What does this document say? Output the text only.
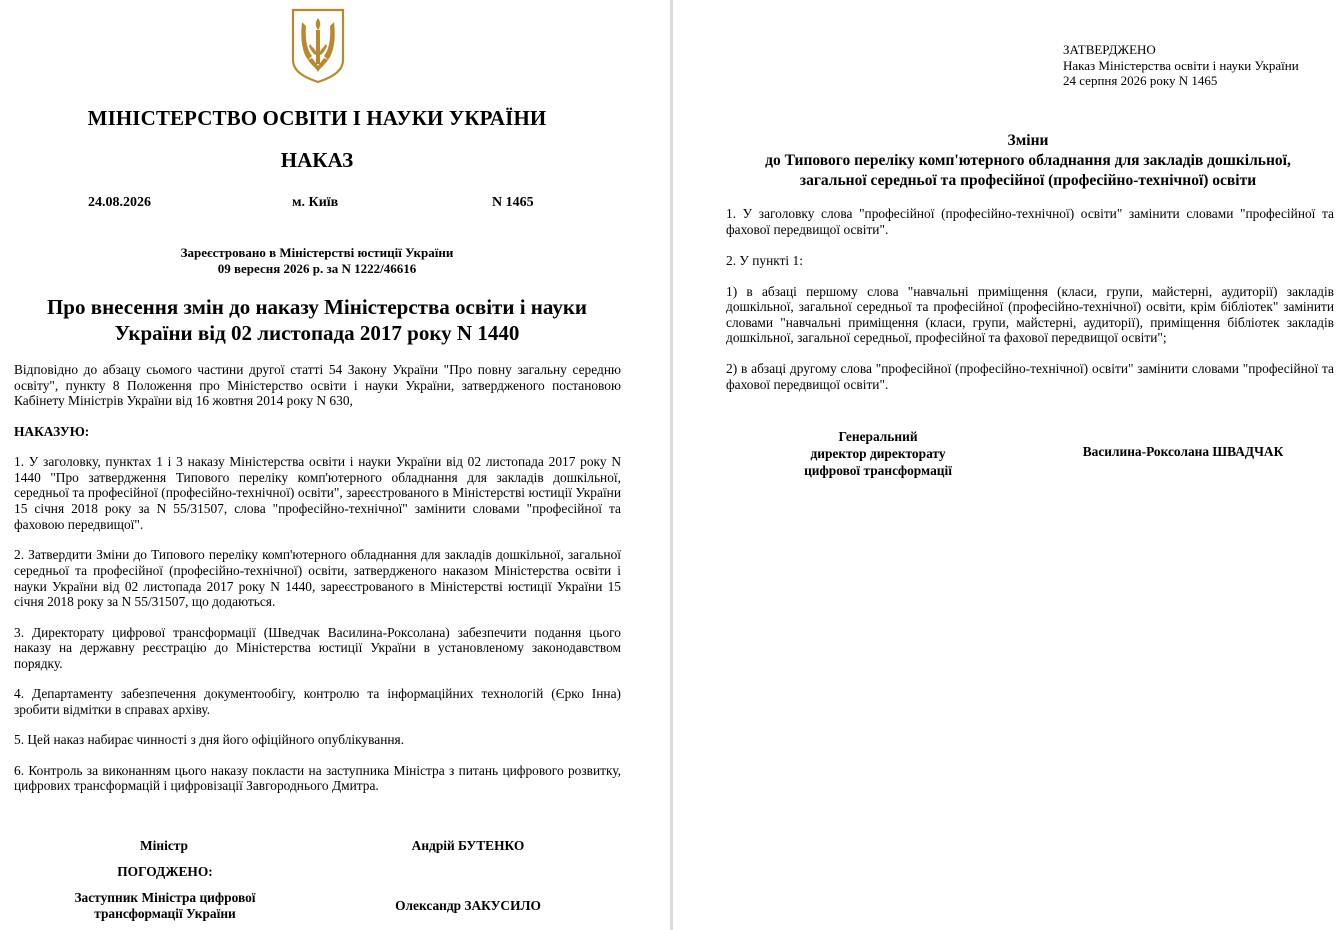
МІНІСТЕРСТВО ОСВІТИ І НАУКИ УКРАЇНИ
НАКАЗ
24.08.2026	м. Київ	N 1465
Зареєстровано в Міністерстві юстиції України
09 вересня 2026 р. за N 1222/46616
Про внесення змін до наказу Міністерства освіти і науки
України від 02 листопада 2017 року N 1440

Відповідно до абзацу сьомого частини другої статті 54 Закону України "Про повну загальну середню освіту", пункту 8 Положення про Міністерство освіти і науки України, затвердженого постановою Кабінету Міністрів України від 16 жовтня 2014 року N 630,

НАКАЗУЮ:

1. У заголовку, пунктах 1 і 3 наказу Міністерства освіти і науки України від 02 листопада 2017 року N 1440 "Про затвердження Типового переліку комп'ютерного обладнання для закладів дошкільної, середньої та професійної (професійно-технічної) освіти", зареєстрованого в Міністерстві юстиції України 15 січня 2018 року за N 55/31507, слова "професійно-технічної" замінити словами "професійної та фаховою передвищої".

2. Затвердити Зміни до Типового переліку комп'ютерного обладнання для закладів дошкільної, загальної середньої та професійної (професійно-технічної) освіти, затвердженого наказом Міністерства освіти і науки України від 02 листопада 2017 року N 1440, зареєстрованого в Міністерстві юстиції України 15 січня 2018 року за N 55/31507, що додаються.

3. Директорату цифрової трансформації (Шведчак Василина-Роксолана) забезпечити подання цього наказу на державну реєстрацію до Міністерства юстиції України в установленому законодавством порядку.

4. Департаменту забезпечення документообігу, контролю та інформаційних технологій (Єрко Інна) зробити відмітки в справах архіву.

5. Цей наказ набирає чинності з дня його офіційного опублікування.

6. Контроль за виконанням цього наказу покласти на заступника Міністра з питань цифрового розвитку, цифрових трансформацій і цифровізації Завгороднього Дмитра.

Міністр	Андрій БУТЕНКО
ПОГОДЖЕНО:
Заступник Міністра цифрової
трансформації України	Олександр ЗАКУСИЛО
ЗАТВЕРДЖЕНО
Наказ Міністерства освіти і науки України
24 серпня 2026 року N 1465
Зміни
до Типового переліку комп'ютерного обладнання для закладів дошкільної,
загальної середньої та професійної (професійно-технічної) освіти

1. У заголовку слова "професійної (професійно-технічної) освіти" замінити словами "професійної та фахової передвищої освіти".

2. У пункті 1:

1) в абзаці першому слова "навчальні приміщення (класи, групи, майстерні, аудиторії) закладів дошкільної, загальної середньої та професійної (професійно-технічної) освіти, крім бібліотек" замінити словами "навчальні приміщення (класи, групи, майстерні, аудиторії), приміщення бібліотек закладів дошкільної, загальної середньої, професійної та фахової передвищої освіти";

2) в абзаці другому слова "професійної (професійно-технічної) освіти" замінити словами "професійної та фахової передвищої освіти".

Генеральний
директор директорату
цифрової трансформації
Василина-Роксолана ШВАДЧАК
